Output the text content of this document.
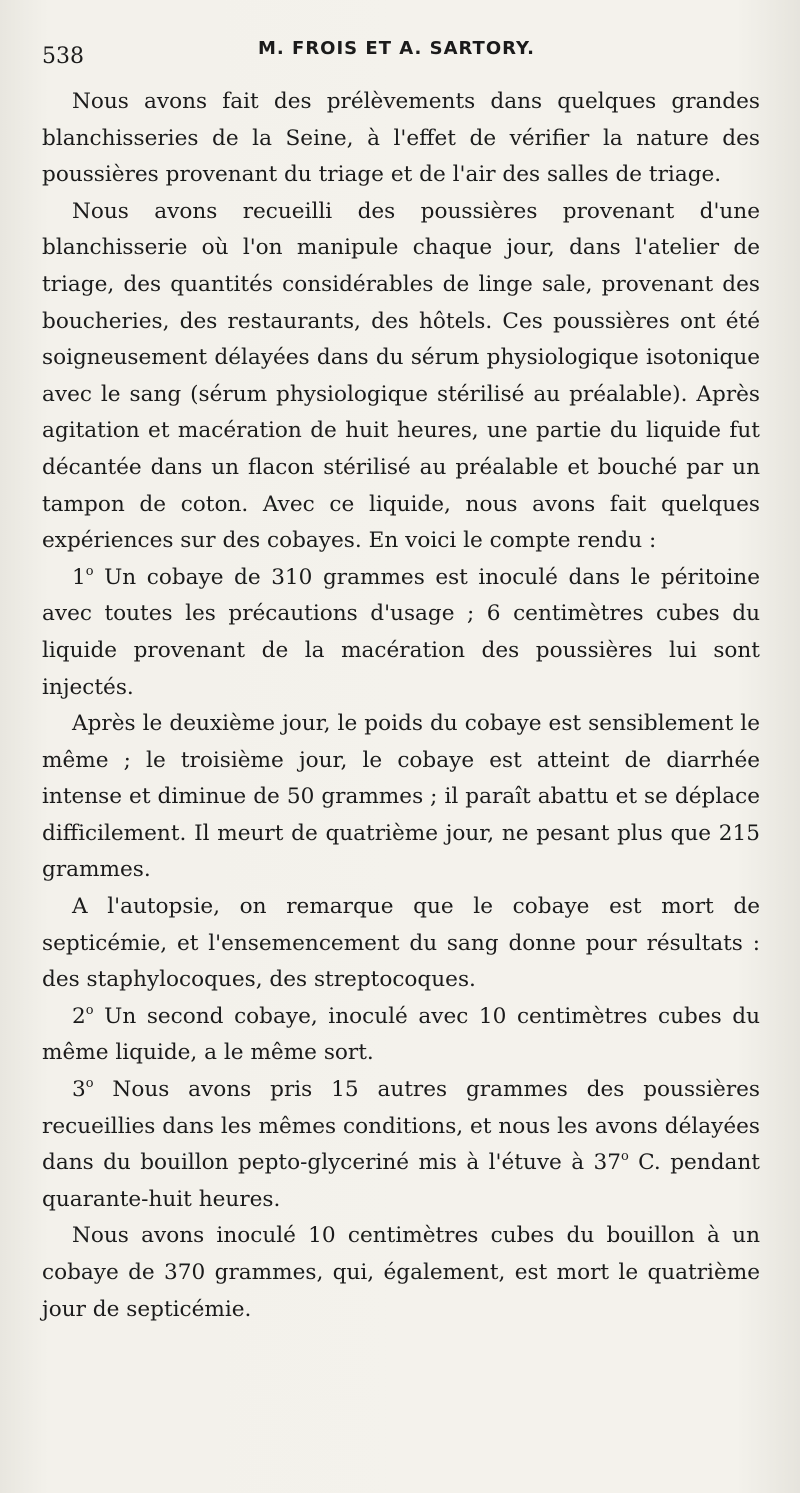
538	M. FROIS ET A. SARTORY.

Nous avons fait des prélèvements dans quelques grandes blanchisseries de la Seine, à l'effet de vérifier la nature des poussières provenant du triage et de l'air des salles de triage.

Nous avons recueilli des poussières provenant d'une blanchisserie où l'on manipule chaque jour, dans l'atelier de triage, des quantités considérables de linge sale, provenant des boucheries, des restaurants, des hôtels. Ces poussières ont été soigneusement délayées dans du sérum physiologique isotonique avec le sang (sérum physiologique stérilisé au préalable). Après agitation et macération de huit heures, une partie du liquide fut décantée dans un flacon stérilisé au préalable et bouché par un tampon de coton. Avec ce liquide, nous avons fait quelques expériences sur des cobayes. En voici le compte rendu :

1$^o$ Un cobaye de 310 grammes est inoculé dans le péritoine avec toutes les précautions d'usage ; 6 centimètres cubes du liquide provenant de la macération des poussières lui sont injectés.

Après le deuxième jour, le poids du cobaye est sensiblement le même ; le troisième jour, le cobaye est atteint de diarrhée intense et diminue de 50 grammes ; il paraît abattu et se déplace difficilement. Il meurt de quatrième jour, ne pesant plus que 215 grammes.

A l'autopsie, on remarque que le cobaye est mort de septicémie, et l'ensemencement du sang donne pour résultats : des staphylocoques, des streptocoques.

2$^o$ Un second cobaye, inoculé avec 10 centimètres cubes du même liquide, a le même sort.

3$^o$ Nous avons pris 15 autres grammes des poussières recueillies dans les mêmes conditions, et nous les avons délayées dans du bouillon pepto-glyceriné mis à l'étuve à 37$^o$ C. pendant quarante-huit heures.

Nous avons inoculé 10 centimètres cubes du bouillon à un cobaye de 370 grammes, qui, également, est mort le quatrième jour de septicémie.
